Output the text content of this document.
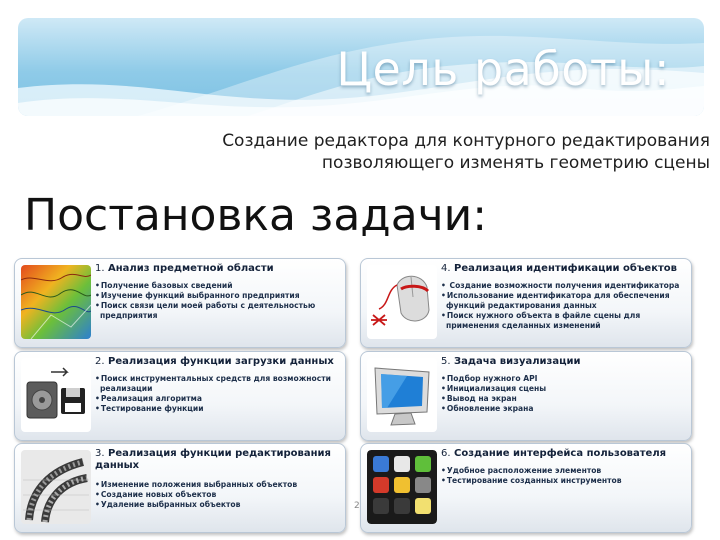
Цель работы:
Создание редактора для контурного редактирования
позволяющего изменять геометрию сцены
Постановка задачи:
1. Анализ предметной области
• Получение базовых сведений
• Изучение функций выбранного предприятия
• Поиск связи цели моей работы с деятельностью предприятия
4. Реализация идентификации объектов
• Создание возможности получения идентификатора
• Использование идентификатора для обеспечения функций редактирования данных
• Поиск нужного объекта в файле сцены для применения сделанных изменений
2. Реализация функции загрузки данных
• Поиск инструментальных средств для возможности реализации
• Реализация алгоритма
• Тестирование функции
5. Задача визуализации
• Подбор нужного API
• Инициализация сцены
• Вывод на экран
• Обновление экрана
3. Реализация функции редактирования данных
• Изменение положения выбранных объектов
• Создание новых объектов
• Удаление выбранных объектов
6. Создание интерфейса пользователя
• Удобное расположение элементов
• Тестирование созданных инструментов
2
